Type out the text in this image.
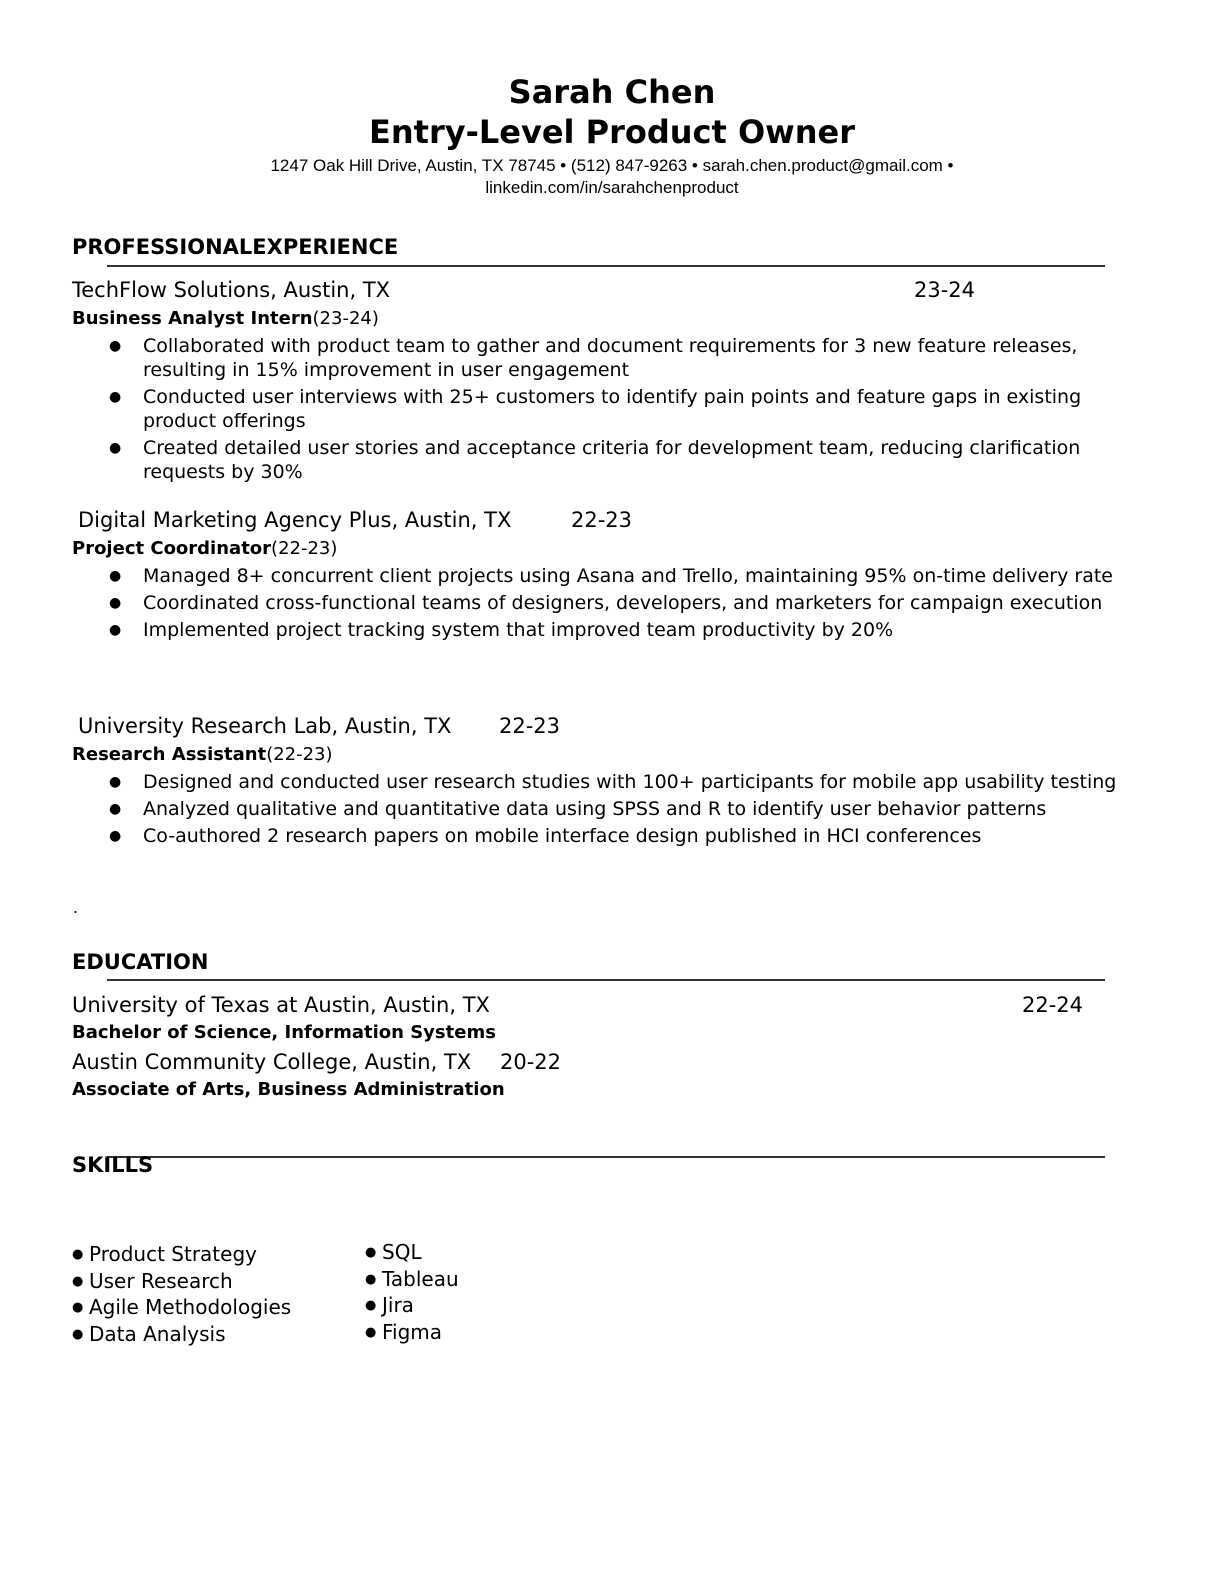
Sarah Chen
Entry-Level Product Owner
1247 Oak Hill Drive, Austin, TX 78745 • (512) 847-9263 • sarah.chen.product@gmail.com •
linkedin.com/in/sarahchenproduct
PROFESSIONALEXPERIENCE
TechFlow Solutions, Austin, TX	23-24
Business Analyst Intern(23-24)
● Collaborated with product team to gather and document requirements for 3 new feature releases, resulting in 15% improvement in user engagement
● Conducted user interviews with 25+ customers to identify pain points and feature gaps in existing product offerings
● Created detailed user stories and acceptance criteria for development team, reducing clarification requests by 30%
Digital Marketing Agency Plus, Austin, TX	22-23
Project Coordinator(22-23)
● Managed 8+ concurrent client projects using Asana and Trello, maintaining 95% on-time delivery rate
● Coordinated cross-functional teams of designers, developers, and marketers for campaign execution
● Implemented project tracking system that improved team productivity by 20%
University Research Lab, Austin, TX 22-23
Research Assistant(22-23)
● Designed and conducted user research studies with 100+ participants for mobile app usability testing
● Analyzed qualitative and quantitative data using SPSS and R to identify user behavior patterns
● Co-authored 2 research papers on mobile interface design published in HCI conferences
.
EDUCATION
University of Texas at Austin, Austin, TX	22-24
Bachelor of Science, Information Systems
Austin Community College, Austin, TX 20-22
Associate of Arts, Business Administration
SKILLS
● Product Strategy
● User Research
● Agile Methodologies
● Data Analysis
● SQL
● Tableau
● Jira
● Figma
